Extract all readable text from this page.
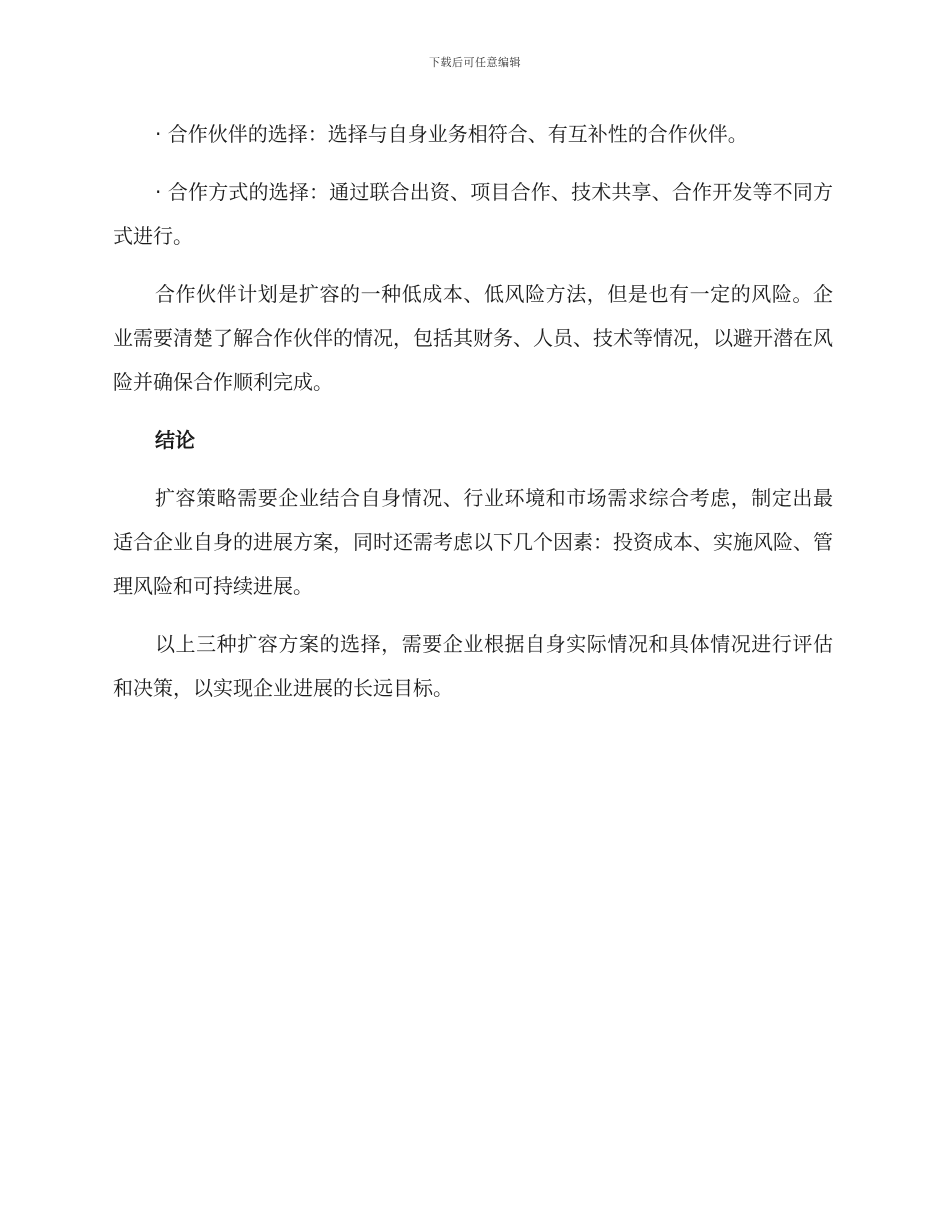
下载后可任意编辑

· 合作伙伴的选择：选择与自身业务相符合、有互补性的合作伙伴。

· 合作方式的选择：通过联合出资、项目合作、技术共享、合作开发等不同方式进行。

合作伙伴计划是扩容的一种低成本、低风险方法，但是也有一定的风险。企业需要清楚了解合作伙伴的情况，包括其财务、人员、技术等情况，以避开潜在风险并确保合作顺利完成。

结论

扩容策略需要企业结合自身情况、行业环境和市场需求综合考虑，制定出最适合企业自身的进展方案，同时还需考虑以下几个因素：投资成本、实施风险、管理风险和可持续进展。

以上三种扩容方案的选择，需要企业根据自身实际情况和具体情况进行评估和决策，以实现企业进展的长远目标。
